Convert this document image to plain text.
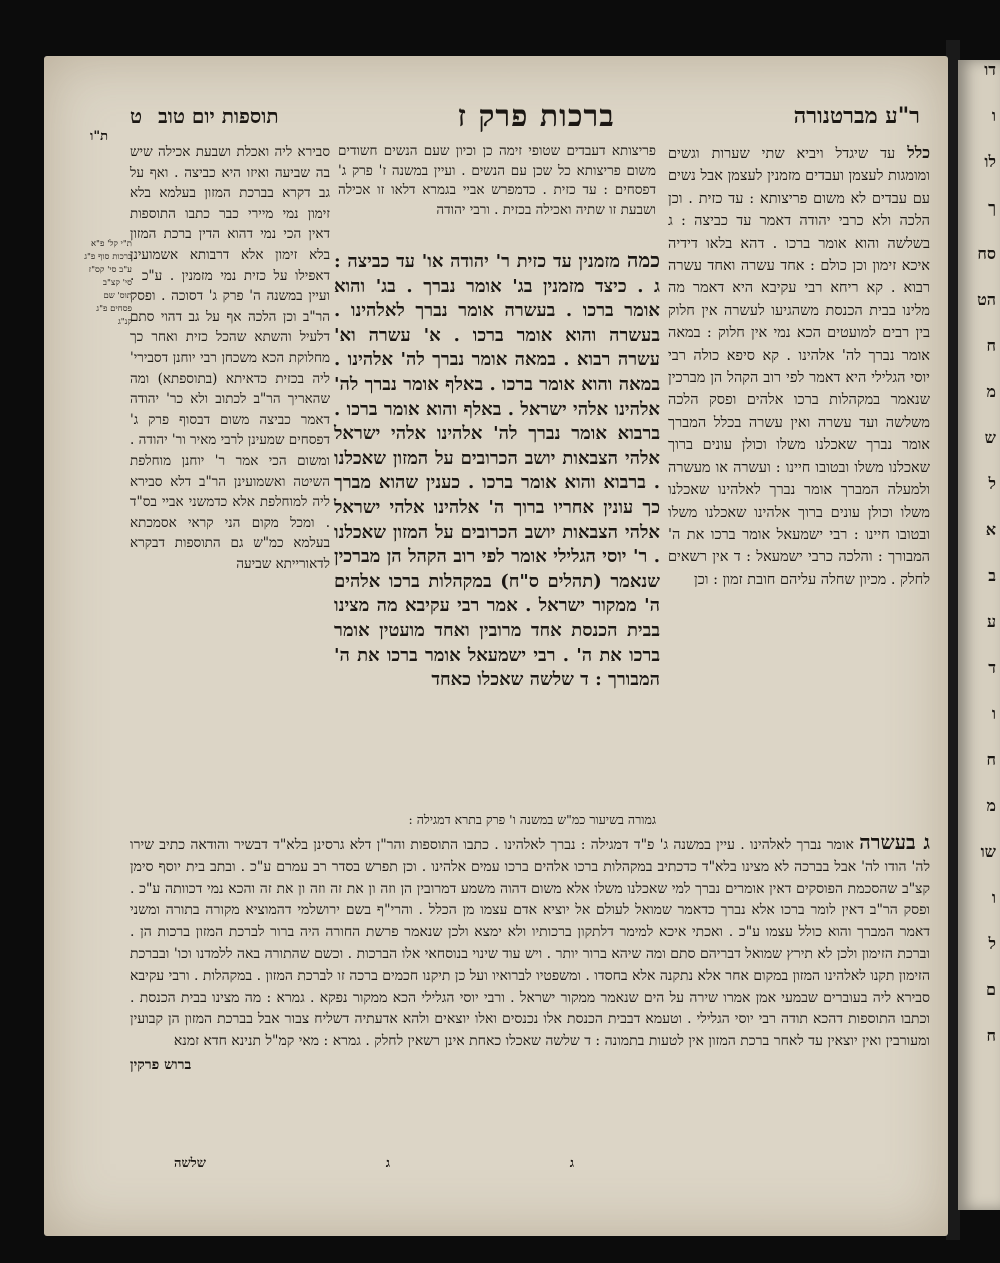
דו
ו
לו
ך
סח
הט
ח
מ
ש
ל
א
ב
ע
ד
ו
ח
מ
שו
ו
ל
ם
ח
ר"ע מברטנורה
ברכות פרק ז
תוספות יום טוב
ט
ת"ו
כלל עד שיגדל ויביא שתי שערות וגשים ומומגות לעצמן ועבדים מזמנין לעצמן אבל נשים עם עבדים לא משום פריצותא : עד כזית . וכן הלכה ולא כרבי יהודה דאמר עד כביצה : ג בשלשה והוא אומר ברכו . דהא בלאו דידיה איכא זימון וכן כולם : אחד עשרה ואחד עשרה רבוא . קא ריחא רבי עקיבא היא דאמר מה מלינו בבית הכנסת משהגיעו לעשרה אין חלוק בין רבים למועטים הכא נמי אין חלוק : במאה אומר נברך לה' אלהינו . קא סיפא כולה רבי יוסי הגלילי היא דאמר לפי רוב הקהל הן מברכין שנאמר במקהלות ברכו אלהים ופסק הלכה משלשה ועד עשרה ואין עשרה בכלל המברך אומר נברך שאכלנו משלו וכולן עונים ברוך שאכלנו משלו ובטובו חיינו : ועשרה או מעשרה ולמעלה המברך אומר נברך לאלהינו שאכלנו משלו וכולן עונים ברוך אלהינו שאכלנו משלו ובטובו חיינו : רבי ישמעאל אומר ברכו את ה' המבורך : והלכה כרבי ישמעאל : ד אין רשאים לחלק . מכיון שחלה עליהם חובת זמון : וכן
פריצותא דעבדים שטופי זימה כן וכיון שעם הנשים חשודים משום פריצותא כל שכן עם הנשים . ועיין במשנה ז' פרק ג' דפסחים : עד כזית . כדמפרש אביי בגמרא דלאו זו אכילה ושבעת זו שתיה ואכילה בכזית . ורבי יהודה
כמה מזמנין עד כזית ר' יהודה או' עד כביצה : ג . כיצד מזמנין בג' אומר נברך . בג' והוא אומר ברכו . בעשרה אומר נברך לאלהינו . בעשרה והוא אומר ברכו . א' עשרה וא' עשרה רבוא . במאה אומר נברך לה' אלהינו . במאה והוא אומר ברכו . באלף אומר נברך לה' אלהינו אלהי ישראל . באלף והוא אומר ברכו . ברבוא אומר נברך לה' אלהינו אלהי ישראל אלהי הצבאות יושב הכרובים על המזון שאכלנו . ברבוא והוא אומר ברכו . כענין שהוא מברך כך עונין אחריו ברוך ה' אלהינו אלהי ישראל אלהי הצבאות יושב הכרובים על המזון שאכלנו . ר' יוסי הגלילי אומר לפי רוב הקהל הן מברכין שנאמר (תהלים ס"ח) במקהלות ברכו אלהים ה' ממקור ישראל . אמר רבי עקיבא מה מצינו בבית הכנסת אחד מרובין ואחד מועטין אומר ברכו את ה' . רבי ישמעאל אומר ברכו את ה' המבורך : ד שלשה שאכלו כאחד
סבירא ליה ואכלת ושבעת אכילה שיש בה שביעה ואיזו היא כביצה . ואף על גב דקרא בברכת המזון בעלמא בלא זימון נמי מיירי כבר כתבו התוספות דאין הכי נמי דהוא הדין ברכת המזון בלא זימון אלא דרבותא אשמועינן דאפילו על כזית נמי מזמנין . ע"כ . ועיין במשנה ה' פרק ג' דסוכה . ופסק הר"ב וכן הלכה אף על גב דהוי סתם דלעיל והשתא שהכל כזית ואחר כך מחלוקת הכא משכחן רבי יוחנן דסבירי' ליה בכזית כדאיתא (בתוספתא) ומה שהאריך הר"ב לכתוב ולא כר' יהודה דאמר כביצה משום דבסוף פרק ג' דפסחים שמעינן לרבי מאיר ור' יהודה . ומשום הכי אמר ר' יוחנן מוחלפת השיטה ואשמועינן הר"ב דלא סבירא ליה למוחלפת אלא כדמשני אביי בס"ד . ומכל מקום הני קראי אסמכתא בעלמא כמ"ש גם התוספות דבקרא לדאורייתא שביעה
ת"י קל' פ"א
ברכות סוף פ"ג
ע"ב סי' קס"ז
סי' קצ"ב
תוס' שם
פסחים פ"ג
קנ"ג
גמורה בשיעור כמ"ש במשנה ו' פרק בתרא דמגילה :
ג בעשרה אומר נברך לאלהינו . עיין במשנה ג' פ"ד דמגילה : נברך לאלהינו . כתבו התוספות והר"ן דלא גרסינן בלא"ד דבשיר והודאה כתיב שירו לה' הודו לה' אבל בברכה לא מצינו בלא"ד כדכתיב במקהלות ברכו אלהים ברכו עמים אלהינו . וכן תפרש בסדר רב עמרם ע"כ . ובתב בית יוסף סימן קצ"ב שהסכמת הפוסקים דאין אומרים נברך למי שאכלנו משלו אלא משום דהוה משמע דמרובין הן וזה ון את זה וזה ון את זה והכא נמי דכוותה ע"כ . ופסק הר"ב דאין לומר ברכו אלא נברך כדאמר שמואל לעולם אל יוציא אדם עצמו מן הכלל . והרי"ף בשם ירושלמי דהמוציא מקורה בתורה ומשני דאמר המברך והוא כולל עצמו ע"כ . ואכתי איכא למימר דלתקון ברכותיו ולא ימצא ולכן שנאמר פרשת החורה היה ברור לברכת המזון ברכות הן . וברכת הזימון ולכן לא תירץ שמואל דבריהם סתם ומה שיהא ברור יותר . ויש עוד שינוי בנוסחאי אלו הברכות . וכשם שהתורה באה ללמדנו וכו' ובברכת הזימון תקנו לאלהינו המזון במקום אחר אלא נתקנה אלא בחסדו . ומשפטיו לברואיו ועל כן תיקנו חכמים ברכה זו לברכת המזון . במקהלות . ורבי עקיבא סבירא ליה בעוברים שבמעי אמן אמרו שירה על הים שנאמר ממקור ישראל . ורבי יוסי הגלילי הכא ממקור נפקא . גמרא : מה מצינו בבית הכנסת . וכתבו התוספות דהכא תודה רבי יוסי הגלילי . וטעמא דבבית הכנסת אלו נכנסים ואלו יוצאים ולהא אדעתיה דשליח צבור אבל בברכת המזון הן קבועין ומעורבין ואין יוצאין עד לאחר ברכת המזון אין לטעות בתמונה : ד שלשה שאכלו כאחת אינן רשאין לחלק . גמרא : מאי קמ"ל תנינא חדא זמנא
ברוש פרקין
ג
ג
שלשה
